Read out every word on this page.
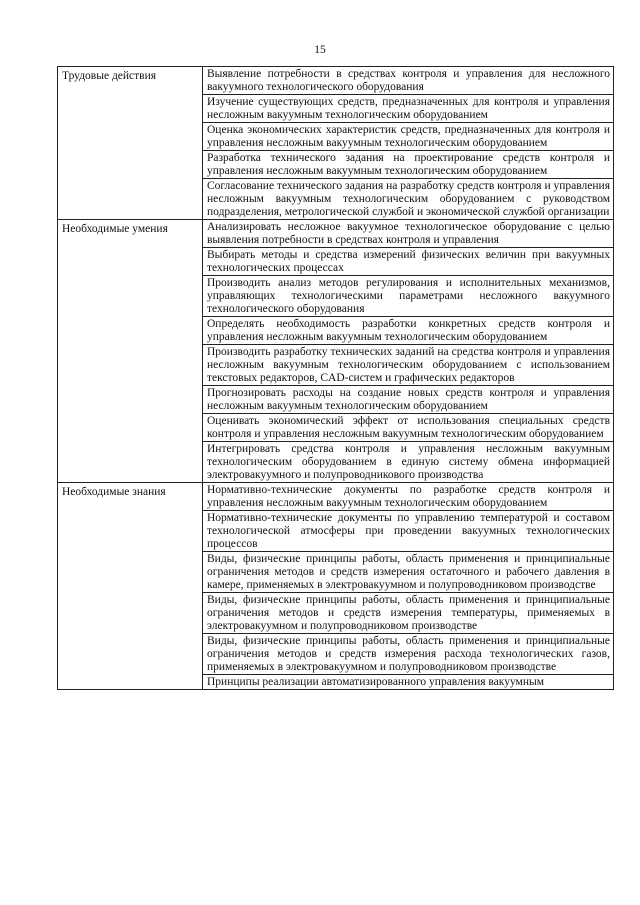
15
Трудовые действия	Выявление потребности в средствах контроля и управления для несложного вакуумного технологического оборудования
	Изучение существующих средств, предназначенных для контроля и управления несложным вакуумным технологическим оборудованием
	Оценка экономических характеристик средств, предназначенных для контроля и управления несложным вакуумным технологическим оборудованием
	Разработка технического задания на проектирование средств контроля и управления несложным вакуумным технологическим оборудованием
	Согласование технического задания на разработку средств контроля и управления несложным вакуумным технологическим оборудованием с руководством подразделения, метрологической службой и экономической службой организации
Необходимые умения	Анализировать несложное вакуумное технологическое оборудование с целью выявления потребности в средствах контроля и управления
	Выбирать методы и средства измерений физических величин при вакуумных технологических процессах
	Производить анализ методов регулирования и исполнительных механизмов, управляющих технологическими параметрами несложного вакуумного технологического оборудования
	Определять необходимость разработки конкретных средств контроля и управления несложным вакуумным технологическим оборудованием
	Производить разработку технических заданий на средства контроля и управления несложным вакуумным технологическим оборудованием с использованием текстовых редакторов, CAD-систем и графических редакторов
	Прогнозировать расходы на создание новых средств контроля и управления несложным вакуумным технологическим оборудованием
	Оценивать экономический эффект от использования специальных средств контроля и управления несложным вакуумным технологическим оборудованием
	Интегрировать средства контроля и управления несложным вакуумным технологическим оборудованием в единую систему обмена информацией электровакуумного и полупроводникового производства
Необходимые знания	Нормативно-технические документы по разработке средств контроля и управления несложным вакуумным технологическим оборудованием
	Нормативно-технические документы по управлению температурой и составом технологической атмосферы при проведении вакуумных технологических процессов
	Виды, физические принципы работы, область применения и принципиальные ограничения методов и средств измерения остаточного и рабочего давления в камере, применяемых в электровакуумном и полупроводниковом производстве
	Виды, физические принципы работы, область применения и принципиальные ограничения методов и средств измерения температуры, применяемых в электровакуумном и полупроводниковом производстве
	Виды, физические принципы работы, область применения и принципиальные ограничения методов и средств измерения расхода технологических газов, применяемых в электровакуумном и полупроводниковом производстве

	Принципы реализации автоматизированного управления вакуумным
